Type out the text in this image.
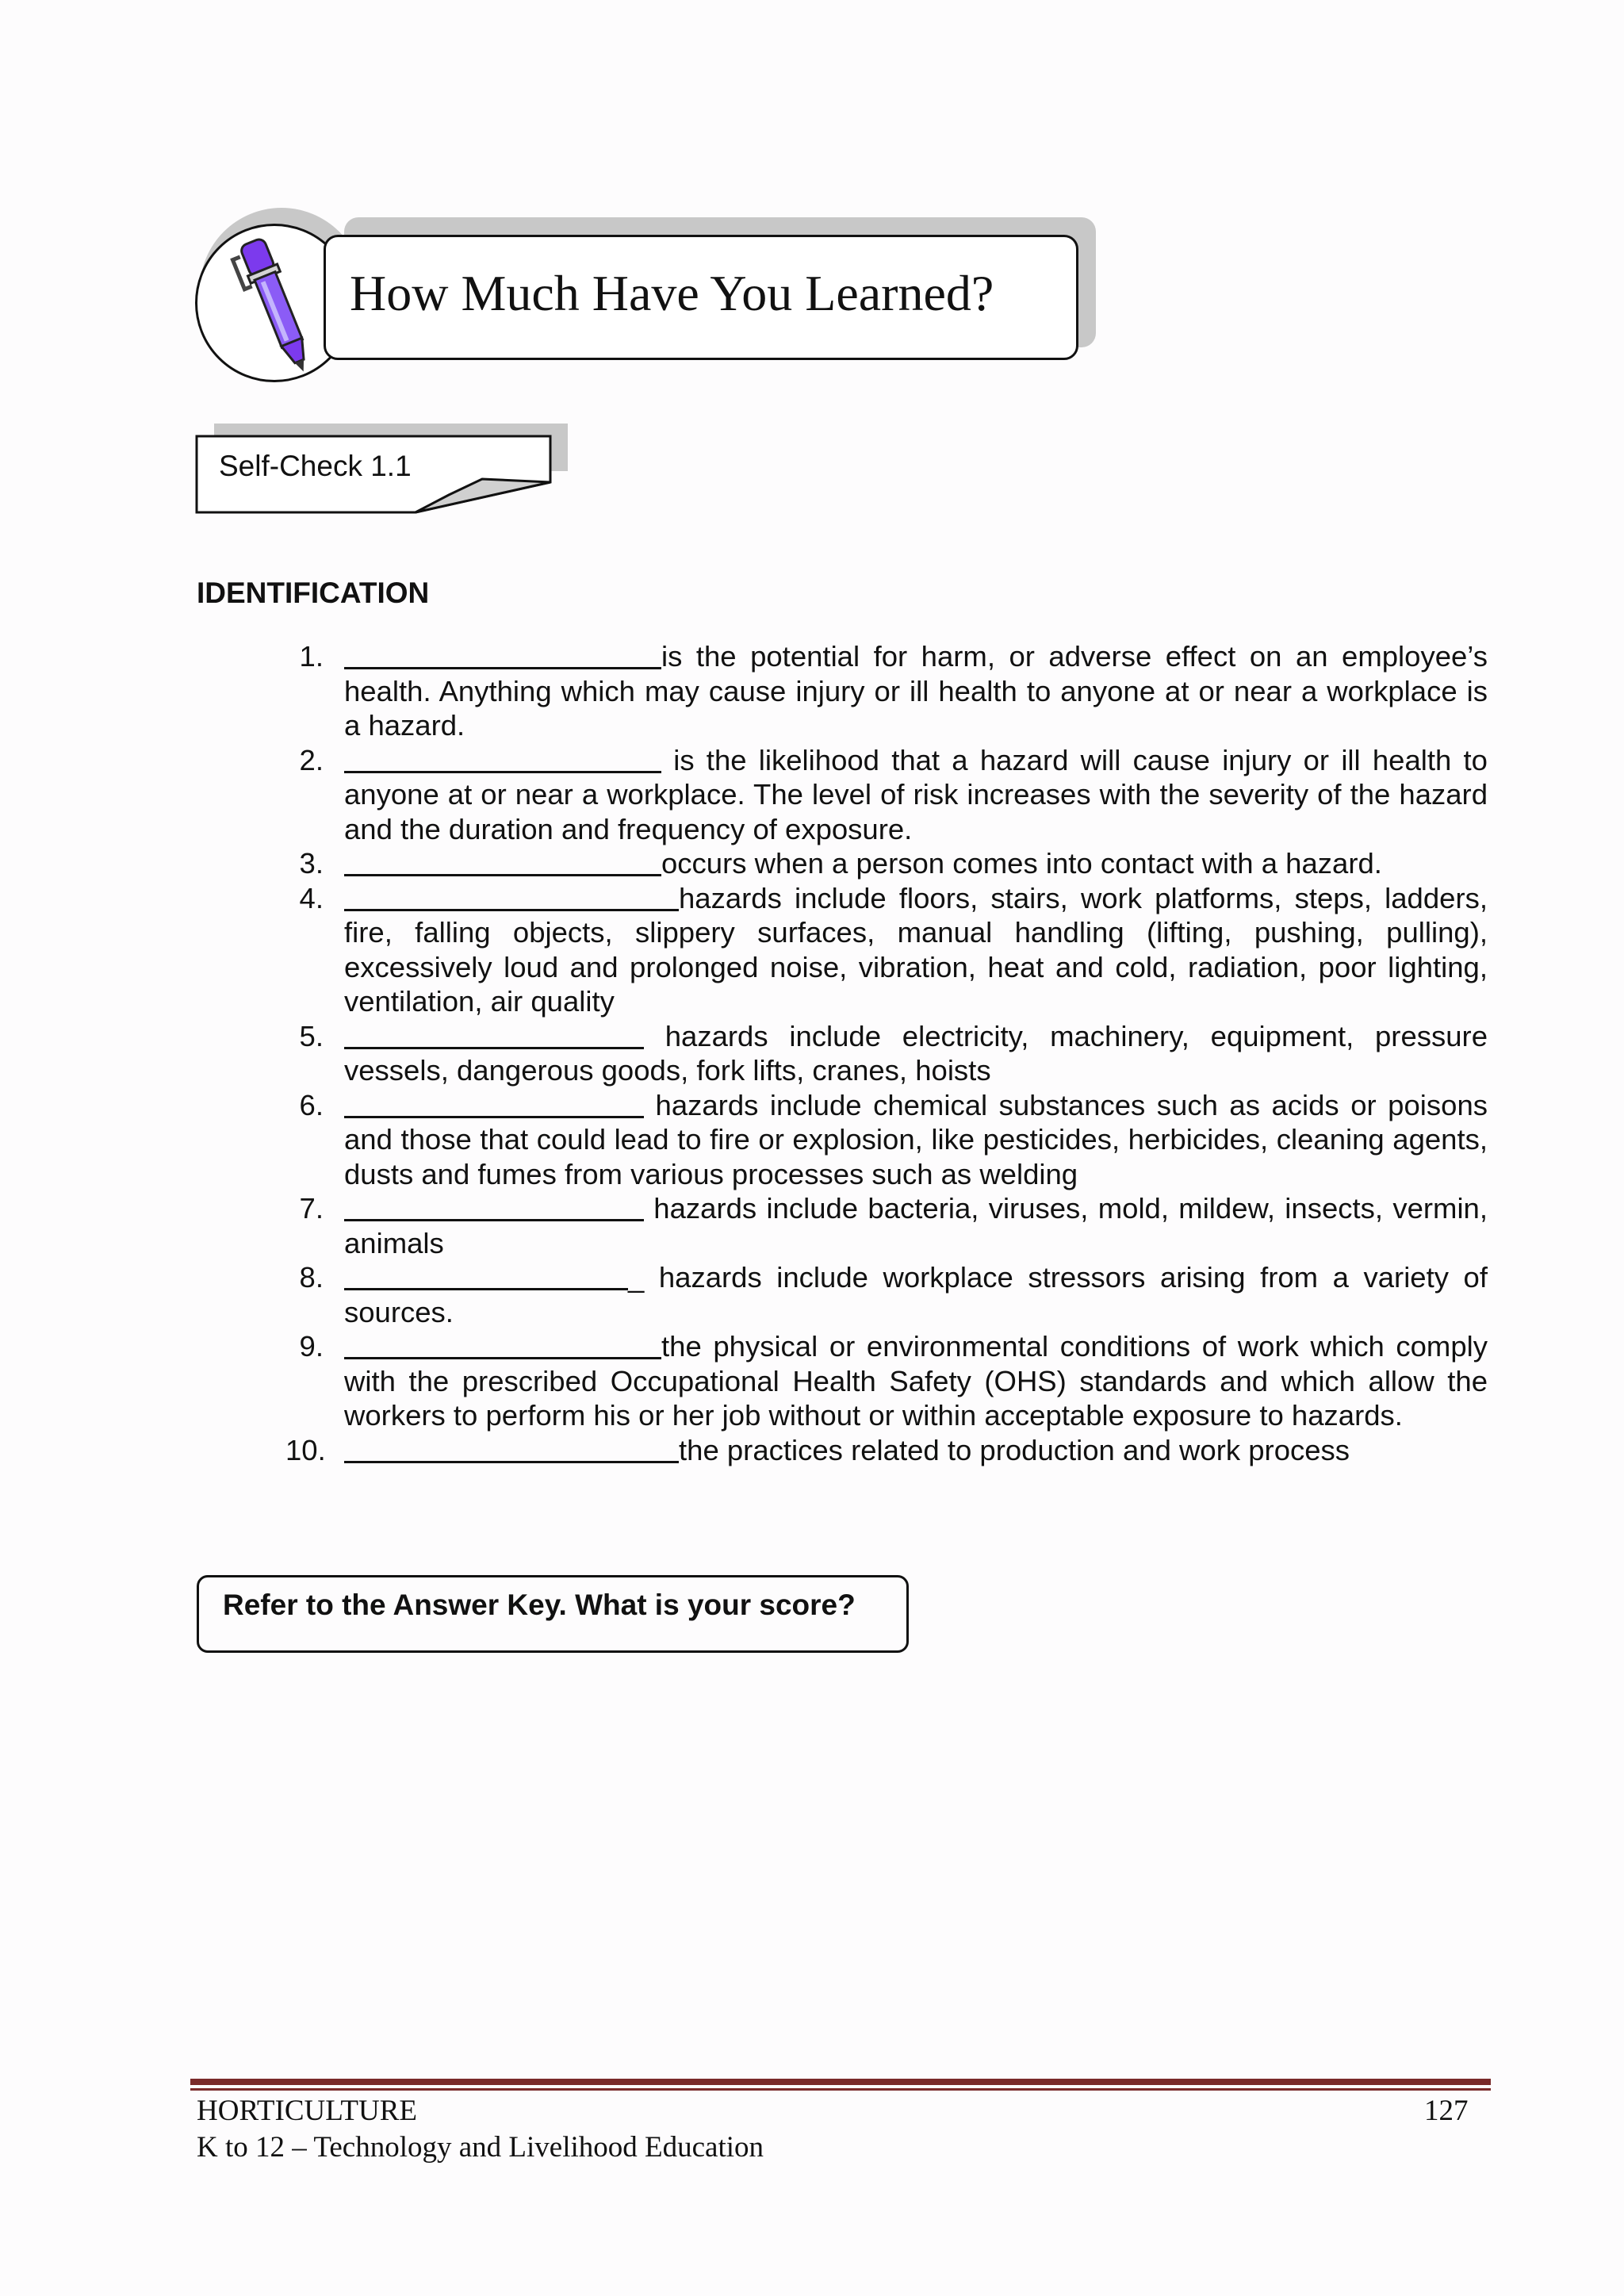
How Much Have You Learned?
Self-Check 1.1
IDENTIFICATION
1.	is the potential for harm, or adverse effect on an employee’s health. Anything which may cause injury or ill health to anyone at or near a workplace is a hazard.
2.	is the likelihood that a hazard will cause injury or ill health to anyone at or near a workplace. The level of risk increases with the severity of the hazard and the duration and frequency of exposure.
3.	occurs when a person comes into contact with a hazard.
4.	hazards include floors, stairs, work platforms, steps, ladders, fire, falling objects, slippery surfaces, manual handling (lifting, pushing, pulling), excessively loud and prolonged noise, vibration, heat and cold, radiation, poor lighting, ventilation, air quality
5.	hazards include electricity, machinery, equipment, pressure vessels, dangerous goods, fork lifts, cranes, hoists
6.	hazards include chemical substances such as acids or poisons and those that could lead to fire or explosion, like pesticides, herbicides, cleaning agents, dusts and fumes from various processes such as welding
7.	hazards include bacteria, viruses, mold, mildew, insects, vermin, animals
8.	_ hazards include workplace stressors arising from a variety of sources.
9.	the physical or environmental conditions of work which comply with the prescribed Occupational Health Safety (OHS) standards and which allow the workers to perform his or her job without or within acceptable exposure to hazards.
10.	the practices related to production and work process
Refer to the Answer Key. What is your score?
HORTICULTURE	127
K to 12 – Technology and Livelihood Education
